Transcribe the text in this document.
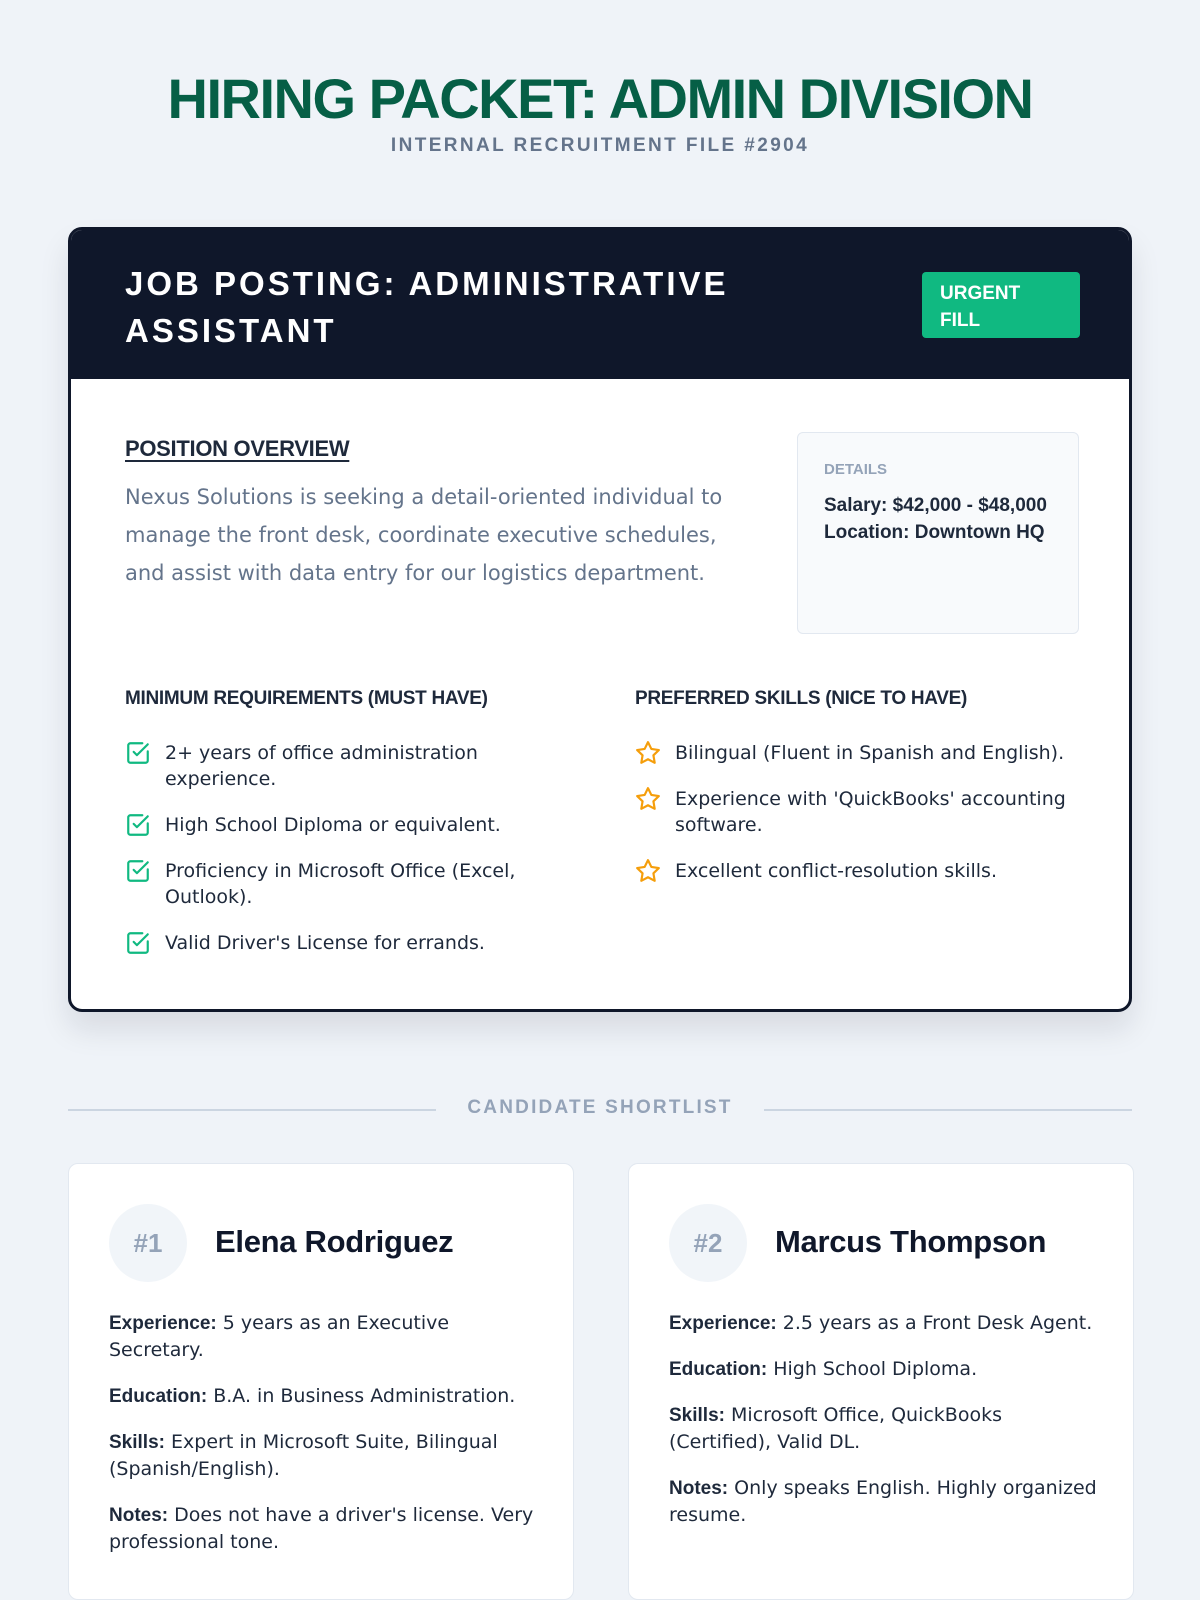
HIRING PACKET: ADMIN DIVISION
INTERNAL RECRUITMENT FILE #2904
JOB POSTING: ADMINISTRATIVE ASSISTANT
URGENT FILL
POSITION OVERVIEW
Nexus Solutions is seeking a detail-oriented individual to manage the front desk, coordinate executive schedules, and assist with data entry for our logistics department.
DETAILS
Salary: $42,000 - $48,000
Location: Downtown HQ
MINIMUM REQUIREMENTS (MUST HAVE)
2+ years of office administration experience.
High School Diploma or equivalent.
Proficiency in Microsoft Office (Excel, Outlook).
Valid Driver's License for errands.
PREFERRED SKILLS (NICE TO HAVE)
Bilingual (Fluent in Spanish and English).
Experience with 'QuickBooks' accounting software.
Excellent conflict-resolution skills.
CANDIDATE SHORTLIST
#1	Elena Rodriguez
Experience: 5 years as an Executive Secretary.
Education: B.A. in Business Administration.
Skills: Expert in Microsoft Suite, Bilingual (Spanish/English).
Notes: Does not have a driver's license. Very professional tone.
#2	Marcus Thompson
Experience: 2.5 years as a Front Desk Agent.
Education: High School Diploma.
Skills: Microsoft Office, QuickBooks (Certified), Valid DL.
Notes: Only speaks English. Highly organized resume.
